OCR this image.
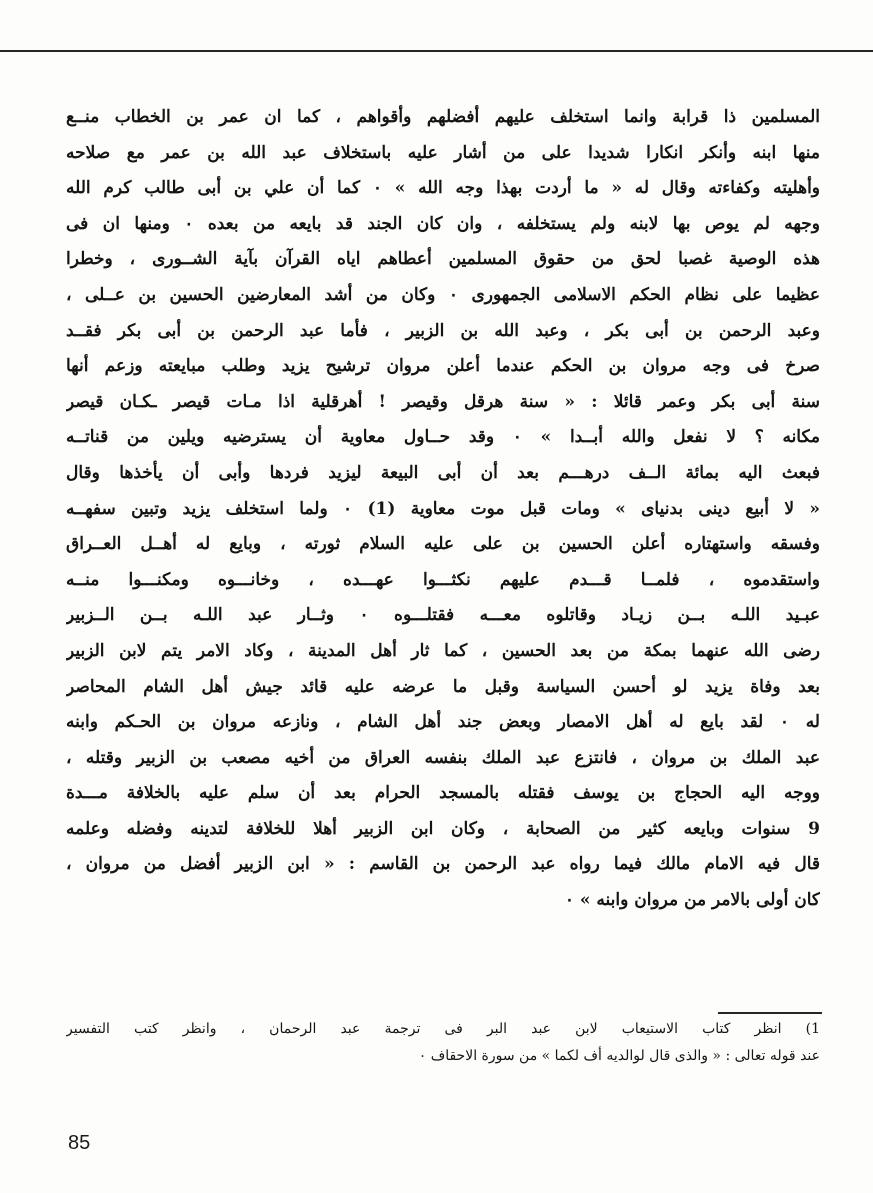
المسلمين ذا قرابة وانما استخلف عليهم أفضلهم وأقواهم ، كما ان عمر بن الخطاب منــع
منها ابنه وأنكر انكارا شديدا على من أشار عليه باستخلاف عبد الله بن عمر مع صلاحه
وأهليته وكفاءته وقال له « ما أردت بهذا وجه الله » ٠ كما أن علي بن أبى طالب كرم الله
وجهه لم يوص بها لابنه ولم يستخلفه ، وان كان الجند قد بايعه من بعده ٠ ومنها ان فى
هذه الوصية غصبا لحق من حقوق المسلمين أعطاهم اياه القرآن بآية الشــورى ، وخطرا
عظيما على نظام الحكم الاسلامى الجمهورى ٠ وكان من أشد المعارضين الحسين بن عــلى ،
وعبد الرحمن بن أبى بكر ، وعبد الله بن الزبير ، فأما عبد الرحمن بن أبى بكر فقــد
صرخ فى وجه مروان بن الحكم عندما أعلن مروان ترشيح يزيد وطلب مبايعته وزعم أنها
سنة أبى بكر وعمر قائلا : « سنة هرقل وقيصر ! أهرقلية اذا مـات قيصر ـكـان قيصر
مكانه ؟ لا نفعل والله أبــدا » ٠ وقد حــاول معاوية أن يسترضيه ويلين من قناتــه
فبعث اليه بمائة الــف درهـــم بعد أن أبى البيعة ليزيد فردها وأبى أن يأخذها وقال
« لا أبيع دينى بدنياى » ومات قبل موت معاوية (1) ٠ ولما استخلف يزيد وتبين سفهــه
وفسقه واستهتاره أعلن الحسين بن على عليه السلام ثورته ، وبايع له أهــل العــراق
واستقدموه ، فلمــا قـــدم عليهم نكثـــوا عهـــده ، وخانـــوه ومكنـــوا منــه
عبـيد اللـه بــن زيـاد وقاتلوه معـــه فقتلـــوه ٠ وثــار عبد اللـه بــن الــزبير
رضى الله عنهما بمكة من بعد الحسين ، كما ثار أهل المدينة ، وكاد الامر يتم لابن الزبير
بعد وفاة يزيد لو أحسن السياسة وقبل ما عرضه عليه قائد جيش أهل الشام المحاصر
له ٠ لقد بايع له أهل الامصار وبعض جند أهل الشام ، ونازعه مروان بن الحـكم وابنه
عبد الملك بن مروان ، فانتزع عبد الملك بنفسه العراق من أخيه مصعب بن الزبير وقتله ،
ووجه اليه الحجاج بن يوسف فقتله بالمسجد الحرام بعد أن سلم عليه بالخلافة مـــدة
9 سنوات وبايعه كثير من الصحابة ، وكان ابن الزبير أهلا للخلافة لتدينه وفضله وعلمه
قال فيه الامام مالك فيما رواه عبد الرحمن بن القاسم : « ابن الزبير أفضل من مروان ،
كان أولى بالامر من مروان وابنه » ٠
1) انظر كتاب الاستيعاب لابن عبد البر فى ترجمة عبد الرحمان ، وانظر كتب التفسير
عند قوله تعالى : « والذى قال لوالديه أف لكما » من سورة الاحقاف ٠
85
